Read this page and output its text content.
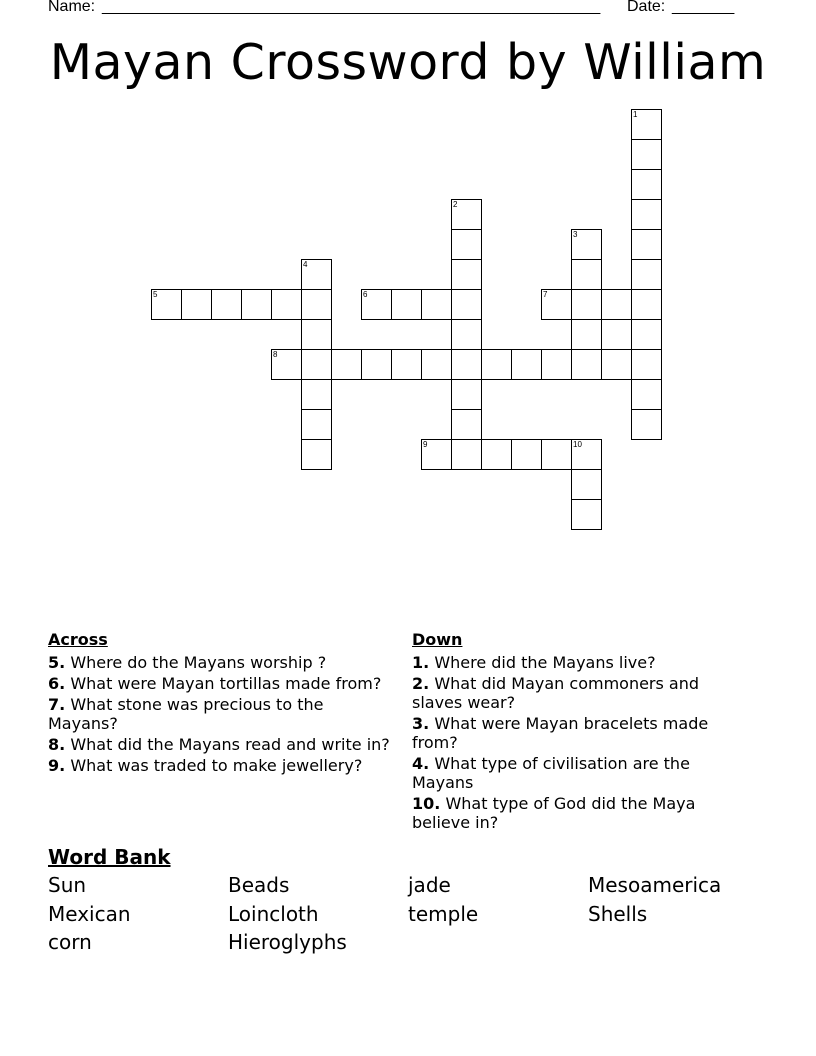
Name: ________________________________________________________ Date: _______
Mayan Crossword by William
1
2
3
4
5	6	7
8
9	10
Across
5. Where do the Mayans worship ?
6. What were Mayan tortillas made from?
7. What stone was precious to the Mayans?
8. What did the Mayans read and write in?
9. What was traded to make jewellery?
Down
1. Where did the Mayans live?
2. What did Mayan commoners and slaves wear?
3. What were Mayan bracelets made from?
4. What type of civilisation are the Mayans
10. What type of God did the Maya believe in?
Word Bank
Sun	Beads	jade	Mesoamerica
Mexican	Loincloth	temple	Shells
corn	Hieroglyphs
